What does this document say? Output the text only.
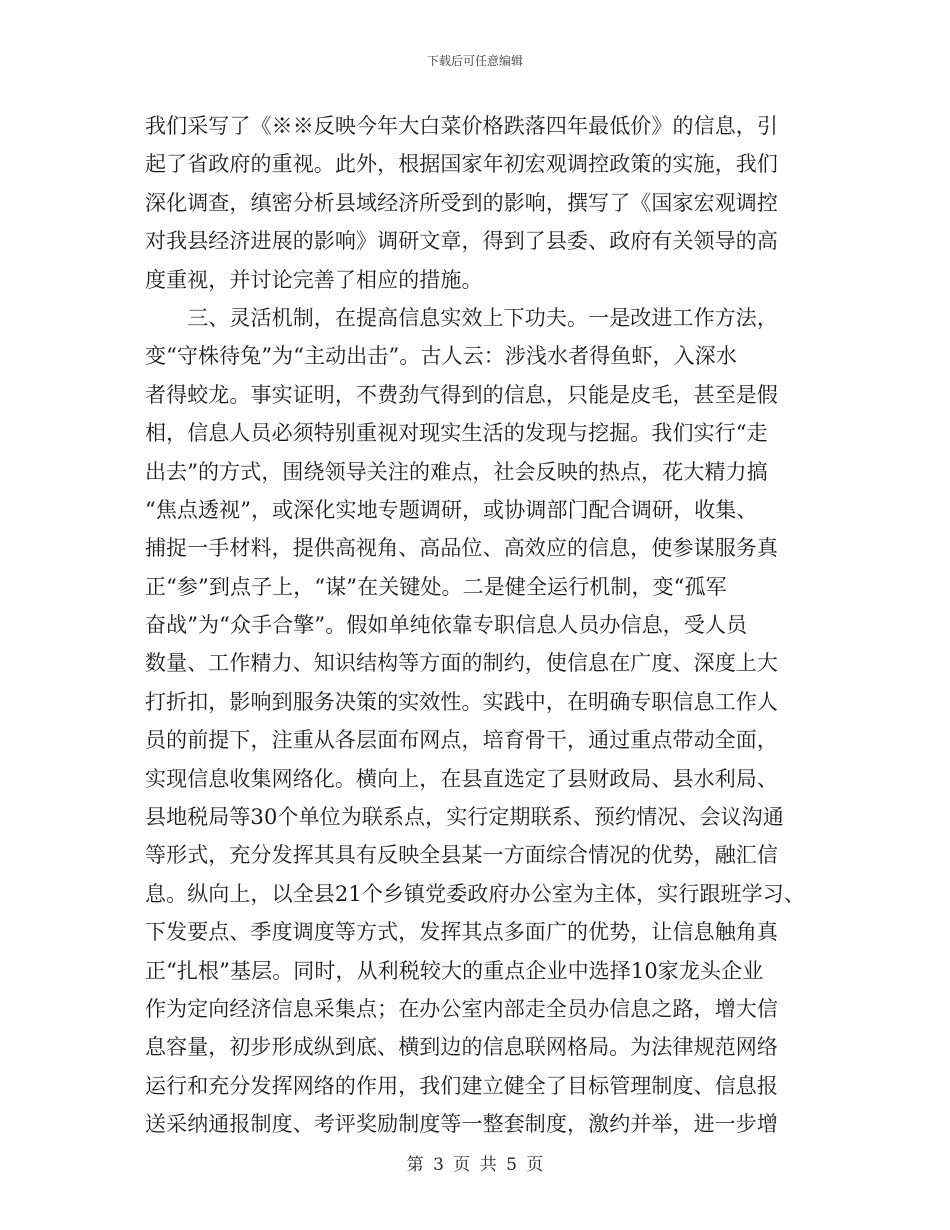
下载后可任意编辑
我们采写了《※※反映今年大白菜价格跌落四年最低价》的信息，引
起了省政府的重视。此外，根据国家年初宏观调控政策的实施，我们
深化调查，缜密分析县域经济所受到的影响，撰写了《国家宏观调控
对我县经济进展的影响》调研文章，得到了县委、政府有关领导的高
度重视，并讨论完善了相应的措施。
　　三、灵活机制，在提高信息实效上下功夫。一是改进工作方法，
变“守株待兔”为“主动出击”。古人云：涉浅水者得鱼虾，入深水
者得蛟龙。事实证明，不费劲气得到的信息，只能是皮毛，甚至是假
相，信息人员必须特别重视对现实生活的发现与挖掘。我们实行“走
出去”的方式，围绕领导关注的难点，社会反映的热点，花大精力搞
“焦点透视”，或深化实地专题调研，或协调部门配合调研，收集、
捕捉一手材料，提供高视角、高品位、高效应的信息，使参谋服务真
正“参”到点子上，“谋”在关键处。二是健全运行机制，变“孤军
奋战”为“众手合擎”。假如单纯依靠专职信息人员办信息，受人员
数量、工作精力、知识结构等方面的制约，使信息在广度、深度上大
打折扣，影响到服务决策的实效性。实践中，在明确专职信息工作人
员的前提下，注重从各层面布网点，培育骨干，通过重点带动全面，
实现信息收集网络化。横向上，在县直选定了县财政局、县水利局、
县地税局等30个单位为联系点，实行定期联系、预约情况、会议沟通
等形式，充分发挥其具有反映全县某一方面综合情况的优势，融汇信
息。纵向上，以全县21个乡镇党委政府办公室为主体，实行跟班学习、
下发要点、季度调度等方式，发挥其点多面广的优势，让信息触角真
正“扎根”基层。同时，从利税较大的重点企业中选择10家龙头企业
作为定向经济信息采集点；在办公室内部走全员办信息之路，增大信
息容量，初步形成纵到底、横到边的信息联网格局。为法律规范网络
运行和充分发挥网络的作用，我们建立健全了目标管理制度、信息报
送采纳通报制度、考评奖励制度等一整套制度，激约并举，进一步增
第 3 页 共 5 页
